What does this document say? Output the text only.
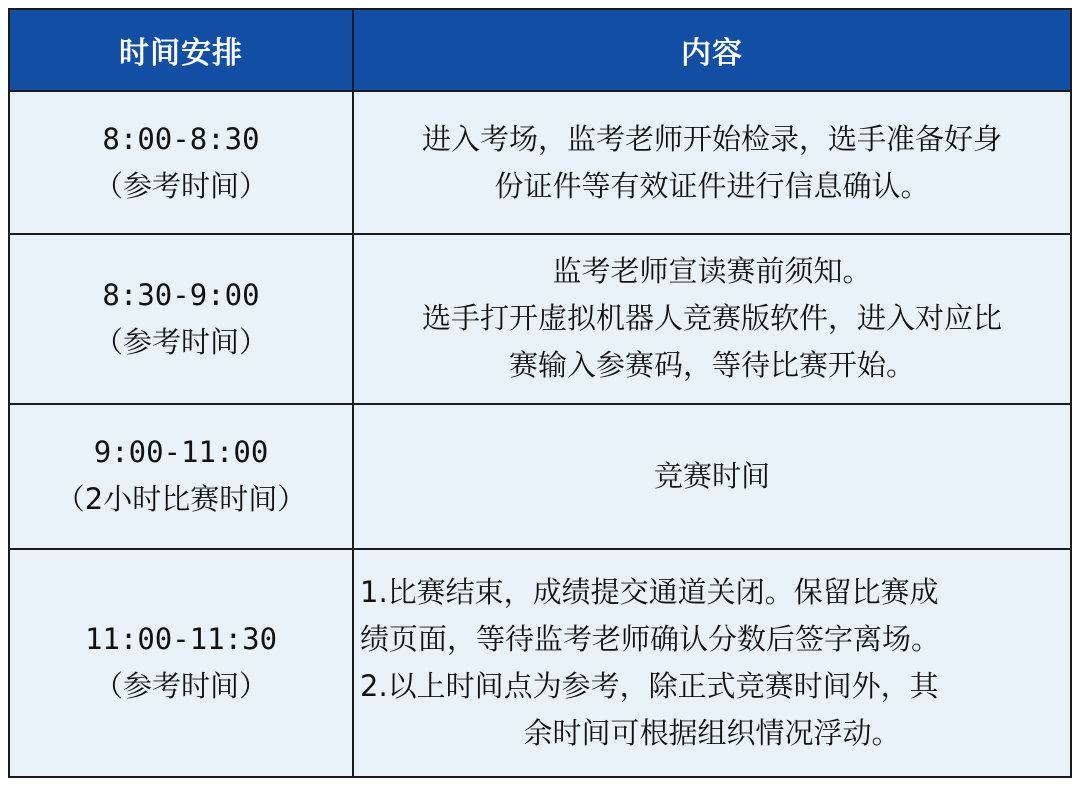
时间安排	内容

8:00-8:30
（参考时间）	进入考场，监考老师开始检录，选手准备好身
份证件等有效证件进行信息确认。

8:30-9:00
（参考时间）	监考老师宣读赛前须知。
选手打开虚拟机器人竞赛版软件，进入对应比
赛输入参赛码，等待比赛开始。

9:00-11:00
（2小时比赛时间）	竞赛时间

11:00-11:30
（参考时间）	1.比赛结束，成绩提交通道关闭。保留比赛成
绩页面，等待监考老师确认分数后签字离场。
2.以上时间点为参考，除正式竞赛时间外，其
余时间可根据组织情况浮动。
